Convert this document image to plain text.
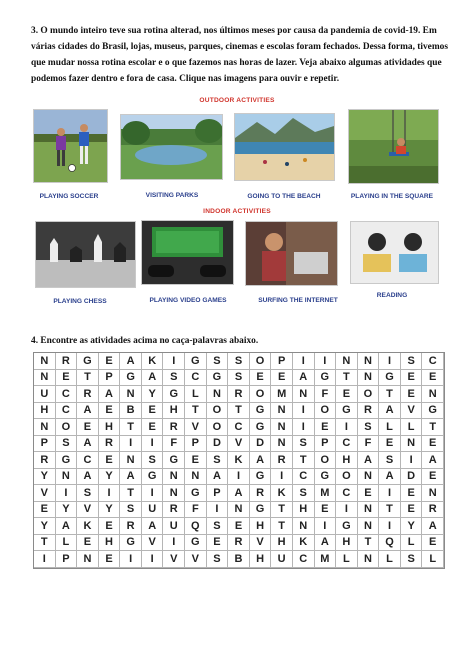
3. O mundo inteiro teve sua rotina alterad, nos últimos meses por causa da pandemia de covid-19. Em várias cidades do Brasil, lojas, museus, parques, cinemas e escolas foram fechados. Dessa forma, tivemos que mudar nossa rotina escolar e o que fazemos nas horas de lazer. Veja abaixo algumas atividades que podemos fazer dentro e fora de casa. Clique nas imagens para ouvir e repetir.
OUTDOOR ACTIVITIES
PLAYING SOCCER	VISITING PARKS	GOING TO THE BEACH	PLAYING IN THE SQUARE
INDOOR ACTIVITIES
PLAYING CHESS	PLAYING VIDEO GAMES	SURFING THE INTERNET
READING
4. Encontre as atividades acima no caça-palavras abaixo.
N	R	G	E	A	K	I	G	S	S	O	P	I	I	N	N	I	S	C
N	E	T	P	G	A	S	C	G	S	E	E	A	G	T	N	G	E	E
U	C	R	A	N	Y	G	L	N	R	O	M	N	F	E	O	T	E	N
H	C	A	E	B	E	H	T	O	T	G	N	I	O	G	R	A	V	G
N	O	E	H	T	E	R	V	O	C	G	N	I	E	I	S	L	L	T
P	S	A	R	I	I	F	P	D	V	D	N	S	P	C	F	E	N	E
R	G	C	E	N	S	G	E	S	K	A	R	T	O	H	A	S	I	A
Y	N	A	Y	A	G	N	N	A	I	G	I	C	G	O	N	A	D	E
V	I	S	I	T	I	N	G	P	A	R	K	S	M	C	E	I	E	N
E	Y	V	Y	S	U	R	F	I	N	G	T	H	E	I	N	T	E	R
Y	A	K	E	R	A	U	Q	S	E	H	T	N	I	G	N	I	Y	A
T	L	E	H	G	V	I	G	E	R	V	H	K	A	H	T	Q	L	E
I	P	N	E	I	I	V	V	S	B	H	U	C	M	L	N	L	S	L
